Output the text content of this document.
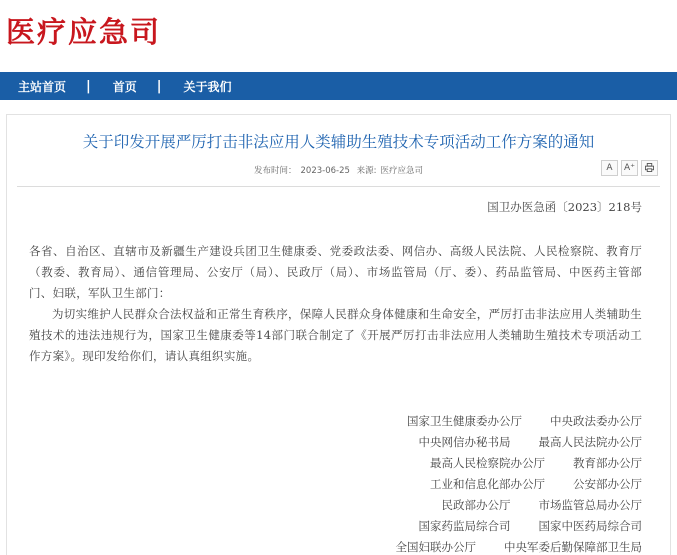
医疗应急司
主站首页 | 首页 | 关于我们
关于印发开展严厉打击非法应用人类辅助生殖技术专项活动工作方案的通知
发布时间： 2023-06-25 来源: 医疗应急司	A	A⁺
国卫办医急函〔2023〕218号
各省、自治区、直辖市及新疆生产建设兵团卫生健康委、党委政法委、网信办、高级人民法院、人民检察院、教育厅（教委、教育局）、通信管理局、公安厅（局）、民政厅（局）、市场监管局（厅、委）、药品监管局、中医药主管部门、妇联，军队卫生部门：
为切实维护人民群众合法权益和正常生育秩序，保障人民群众身体健康和生命安全，严厉打击非法应用人类辅助生殖技术的违法违规行为，国家卫生健康委等14部门联合制定了《开展严厉打击非法应用人类辅助生殖技术专项活动工作方案》。现印发给你们，请认真组织实施。
国家卫生健康委办公厅 中央政法委办公厅
中央网信办秘书局 最高人民法院办公厅
最高人民检察院办公厅 教育部办公厅
工业和信息化部办公厅 公安部办公厅
民政部办公厅 市场监管总局办公厅
国家药监局综合司 国家中医药局综合司
全国妇联办公厅 中央军委后勤保障部卫生局
